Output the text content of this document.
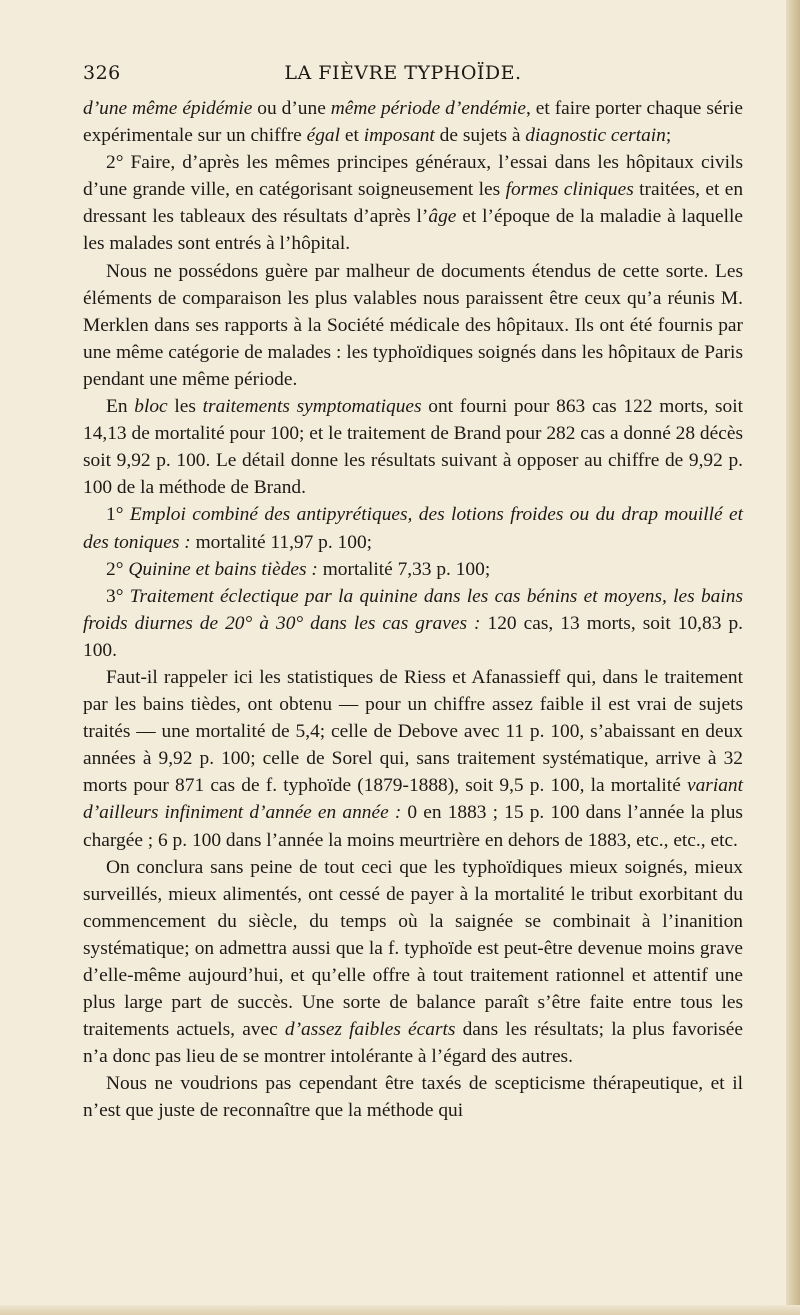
326	LA FIÈVRE TYPHOÏDE.

d’une même épidémie ou d’une même période d’endémie, et faire porter chaque série expérimentale sur un chiffre égal et imposant de sujets à diagnostic certain;

2° Faire, d’après les mêmes principes généraux, l’essai dans les hôpitaux civils d’une grande ville, en catégorisant soigneusement les formes cliniques traitées, et en dressant les tableaux des résultats d’après l’âge et l’époque de la maladie à laquelle les malades sont entrés à l’hôpital.

Nous ne possédons guère par malheur de documents étendus de cette sorte. Les éléments de comparaison les plus valables nous paraissent être ceux qu’a réunis M. Merklen dans ses rapports à la Société médicale des hôpitaux. Ils ont été fournis par une même catégorie de malades : les typhoïdiques soignés dans les hôpitaux de Paris pendant une même période.

En bloc les traitements symptomatiques ont fourni pour 863 cas 122 morts, soit 14,13 de mortalité pour 100; et le traitement de Brand pour 282 cas a donné 28 décès soit 9,92 p. 100. Le détail donne les résultats suivant à opposer au chiffre de 9,92 p. 100 de la méthode de Brand.

1° Emploi combiné des antipyrétiques, des lotions froides ou du drap mouillé et des toniques : mortalité 11,97 p. 100;

2° Quinine et bains tièdes : mortalité 7,33 p. 100;

3° Traitement éclectique par la quinine dans les cas bénins et moyens, les bains froids diurnes de 20° à 30° dans les cas graves : 120 cas, 13 morts, soit 10,83 p. 100.

Faut-il rappeler ici les statistiques de Riess et Afanassieff qui, dans le traitement par les bains tièdes, ont obtenu — pour un chiffre assez faible il est vrai de sujets traités — une mortalité de 5,4; celle de Debove avec 11 p. 100, s’abaissant en deux années à 9,92 p. 100; celle de Sorel qui, sans traitement systématique, arrive à 32 morts pour 871 cas de f. typhoïde (1879-1888), soit 9,5 p. 100, la mortalité variant d’ailleurs infiniment d’année en année : 0 en 1883 ; 15 p. 100 dans l’année la plus chargée ; 6 p. 100 dans l’année la moins meurtrière en dehors de 1883, etc., etc., etc.

On conclura sans peine de tout ceci que les typhoïdiques mieux soignés, mieux surveillés, mieux alimentés, ont cessé de payer à la mortalité le tribut exorbitant du commencement du siècle, du temps où la saignée se combinait à l’inanition systématique; on admettra aussi que la f. typhoïde est peut-être devenue moins grave d’elle-même aujourd’hui, et qu’elle offre à tout traitement rationnel et attentif une plus large part de succès. Une sorte de balance paraît s’être faite entre tous les traitements actuels, avec d’assez faibles écarts dans les résultats; la plus favorisée n’a donc pas lieu de se montrer intolérante à l’égard des autres.

Nous ne voudrions pas cependant être taxés de scepticisme thérapeutique, et il n’est que juste de reconnaître que la méthode qui
